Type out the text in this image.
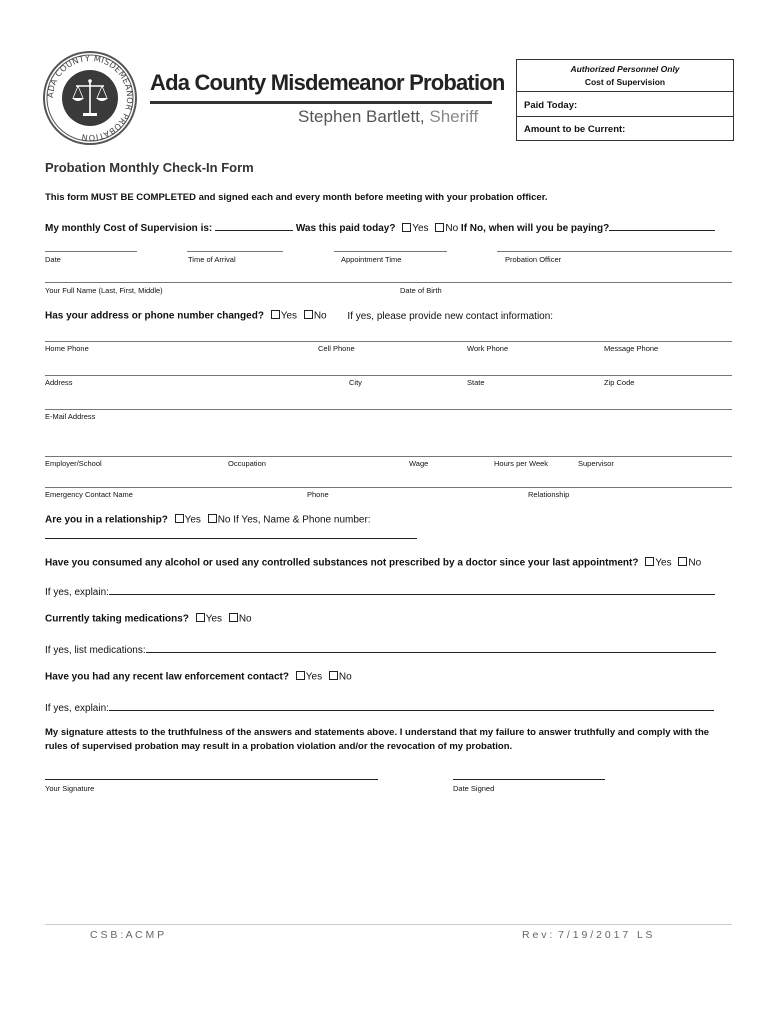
ADA COUNTY MISDEMEANOR PROBATION
Ada County Misdemeanor Probation
Stephen Bartlett, Sheriff
Authorized Personnel Only
Cost of Supervision
Paid Today:
Amount to be Current:
Probation Monthly Check-In Form
This form MUST BE COMPLETED and signed each and every month before meeting with your probation officer.
My monthly Cost of Supervision is:	Was this paid today? Yes No If No, when will you be paying?
Date	Time of Arrival	Appointment Time	Probation Officer
Your Full Name (Last, First, Middle)	Date of Birth
Has your address or phone number changed? Yes No If yes, please provide new contact information:
Home Phone	Cell Phone	Work Phone	Message Phone
Address	City	State	Zip Code
E-Mail Address
Employer/School	Occupation	Wage	Hours per Week	Supervisor
Emergency Contact Name	Phone	Relationship
Are you in a relationship? Yes No If Yes, Name & Phone number:
Have you consumed any alcohol or used any controlled substances not prescribed by a doctor since your last appointment? Yes No
If yes, explain:
Currently taking medications? Yes No
If yes, list medications:
Have you had any recent law enforcement contact? Yes No
If yes, explain:
My signature attests to the truthfulness of the answers and statements above. I understand that my failure to answer truthfully and comply with the rules of supervised probation may result in a probation violation and/or the revocation of my probation.
Your Signature	Date Signed
C S B : A C M P	R e v :  7 / 1 9 / 2 0 1 7   L S
